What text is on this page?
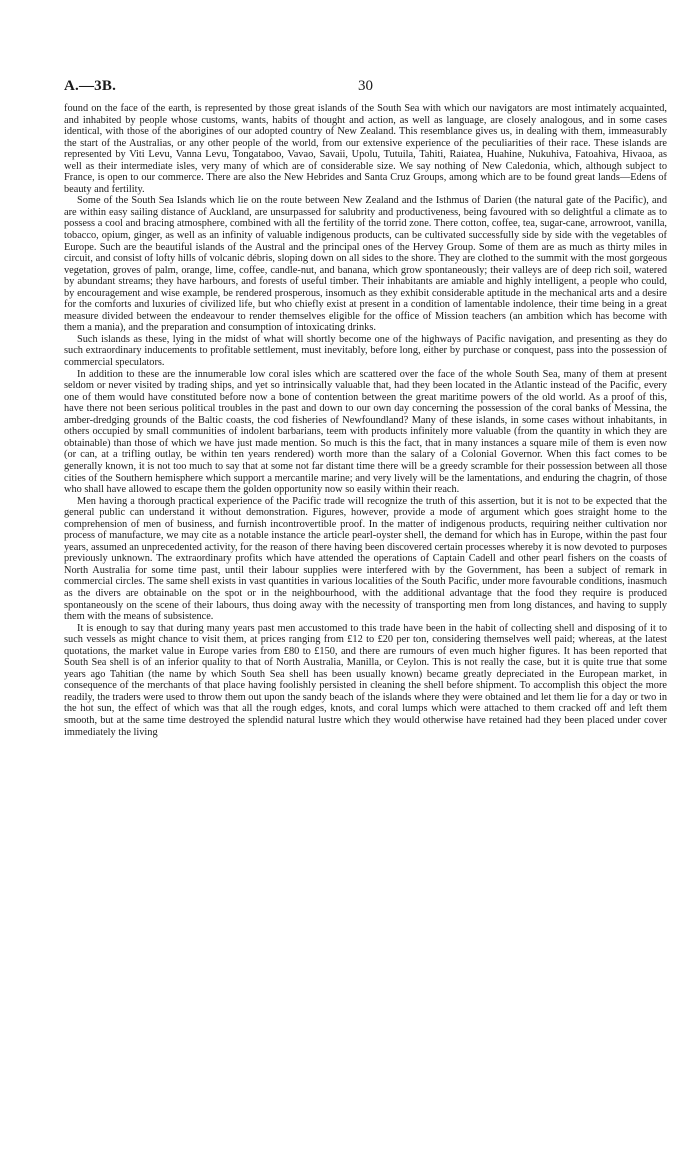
A.—3B.	30

found on the face of the earth, is represented by those great islands of the South Sea with which our navigators are most intimately acquainted, and inhabited by people whose customs, wants, habits of thought and action, as well as language, are closely analogous, and in some cases identical, with those of the aborigines of our adopted country of New Zealand. This resemblance gives us, in dealing with them, immeasurably the start of the Australias, or any other people of the world, from our extensive experience of the peculiarities of their race. These islands are represented by Viti Levu, Vanna Levu, Tongataboo, Vavao, Savaii, Upolu, Tutuila, Tahiti, Raiatea, Huahine, Nukuhiva, Fatoahiva, Hivaoa, as well as their intermediate isles, very many of which are of considerable size. We say nothing of New Caledonia, which, although subject to France, is open to our commerce. There are also the New Hebrides and Santa Cruz Groups, among which are to be found great lands—Edens of beauty and fertility.

Some of the South Sea Islands which lie on the route between New Zealand and the Isthmus of Darien (the natural gate of the Pacific), and are within easy sailing distance of Auckland, are unsurpassed for salubrity and productiveness, being favoured with so delightful a climate as to possess a cool and bracing atmosphere, combined with all the fertility of the torrid zone. There cotton, coffee, tea, sugar-cane, arrowroot, vanilla, tobacco, opium, ginger, as well as an infinity of valuable indigenous products, can be cultivated successfully side by side with the vegetables of Europe. Such are the beautiful islands of the Austral and the principal ones of the Hervey Group. Some of them are as much as thirty miles in circuit, and consist of lofty hills of volcanic débris, sloping down on all sides to the shore. They are clothed to the summit with the most gorgeous vegetation, groves of palm, orange, lime, coffee, candle-nut, and banana, which grow spontaneously; their valleys are of deep rich soil, watered by abundant streams; they have harbours, and forests of useful timber. Their inhabitants are amiable and highly intelligent, a people who could, by encouragement and wise example, be rendered prosperous, insomuch as they exhibit considerable aptitude in the mechanical arts and a desire for the comforts and luxuries of civilized life, but who chiefly exist at present in a condition of lamentable indolence, their time being in a great measure divided between the endeavour to render themselves eligible for the office of Mission teachers (an ambition which has become with them a mania), and the preparation and consumption of intoxicating drinks.

Such islands as these, lying in the midst of what will shortly become one of the highways of Pacific navigation, and presenting as they do such extraordinary inducements to profitable settlement, must inevitably, before long, either by purchase or conquest, pass into the possession of commercial speculators.

In addition to these are the innumerable low coral isles which are scattered over the face of the whole South Sea, many of them at present seldom or never visited by trading ships, and yet so intrinsically valuable that, had they been located in the Atlantic instead of the Pacific, every one of them would have constituted before now a bone of contention between the great maritime powers of the old world. As a proof of this, have there not been serious political troubles in the past and down to our own day concerning the possession of the coral banks of Messina, the amber-dredging grounds of the Baltic coasts, the cod fisheries of Newfoundland? Many of these islands, in some cases without inhabitants, in others occupied by small communities of indolent barbarians, teem with products infinitely more valuable (from the quantity in which they are obtainable) than those of which we have just made mention. So much is this the fact, that in many instances a square mile of them is even now (or can, at a trifling outlay, be within ten years rendered) worth more than the salary of a Colonial Governor. When this fact comes to be generally known, it is not too much to say that at some not far distant time there will be a greedy scramble for their possession between all those cities of the Southern hemisphere which support a mercantile marine; and very lively will be the lamentations, and enduring the chagrin, of those who shall have allowed to escape them the golden opportunity now so easily within their reach.

Men having a thorough practical experience of the Pacific trade will recognize the truth of this assertion, but it is not to be expected that the general public can understand it without demonstration. Figures, however, provide a mode of argument which goes straight home to the comprehension of men of business, and furnish incontrovertible proof. In the matter of indigenous products, requiring neither cultivation nor process of manufacture, we may cite as a notable instance the article pearl-oyster shell, the demand for which has in Europe, within the past four years, assumed an unprecedented activity, for the reason of there having been discovered certain processes whereby it is now devoted to purposes previously unknown. The extraordinary profits which have attended the operations of Captain Cadell and other pearl fishers on the coasts of North Australia for some time past, until their labour supplies were interfered with by the Government, has been a subject of remark in commercial circles. The same shell exists in vast quantities in various localities of the South Pacific, under more favourable conditions, inasmuch as the divers are obtainable on the spot or in the neighbourhood, with the additional advantage that the food they require is produced spontaneously on the scene of their labours, thus doing away with the necessity of transporting men from long distances, and having to supply them with the means of subsistence.

It is enough to say that during many years past men accustomed to this trade have been in the habit of collecting shell and disposing of it to such vessels as might chance to visit them, at prices ranging from £12 to £20 per ton, considering themselves well paid; whereas, at the latest quotations, the market value in Europe varies from £80 to £150, and there are rumours of even much higher figures. It has been reported that South Sea shell is of an inferior quality to that of North Australia, Manilla, or Ceylon. This is not really the case, but it is quite true that some years ago Tahitian (the name by which South Sea shell has been usually known) became greatly depreciated in the European market, in consequence of the merchants of that place having foolishly persisted in cleaning the shell before shipment. To accomplish this object the more readily, the traders were used to throw them out upon the sandy beach of the islands where they were obtained and let them lie for a day or two in the hot sun, the effect of which was that all the rough edges, knots, and coral lumps which were attached to them cracked off and left them smooth, but at the same time destroyed the splendid natural lustre which they would otherwise have retained had they been placed under cover immediately the living
